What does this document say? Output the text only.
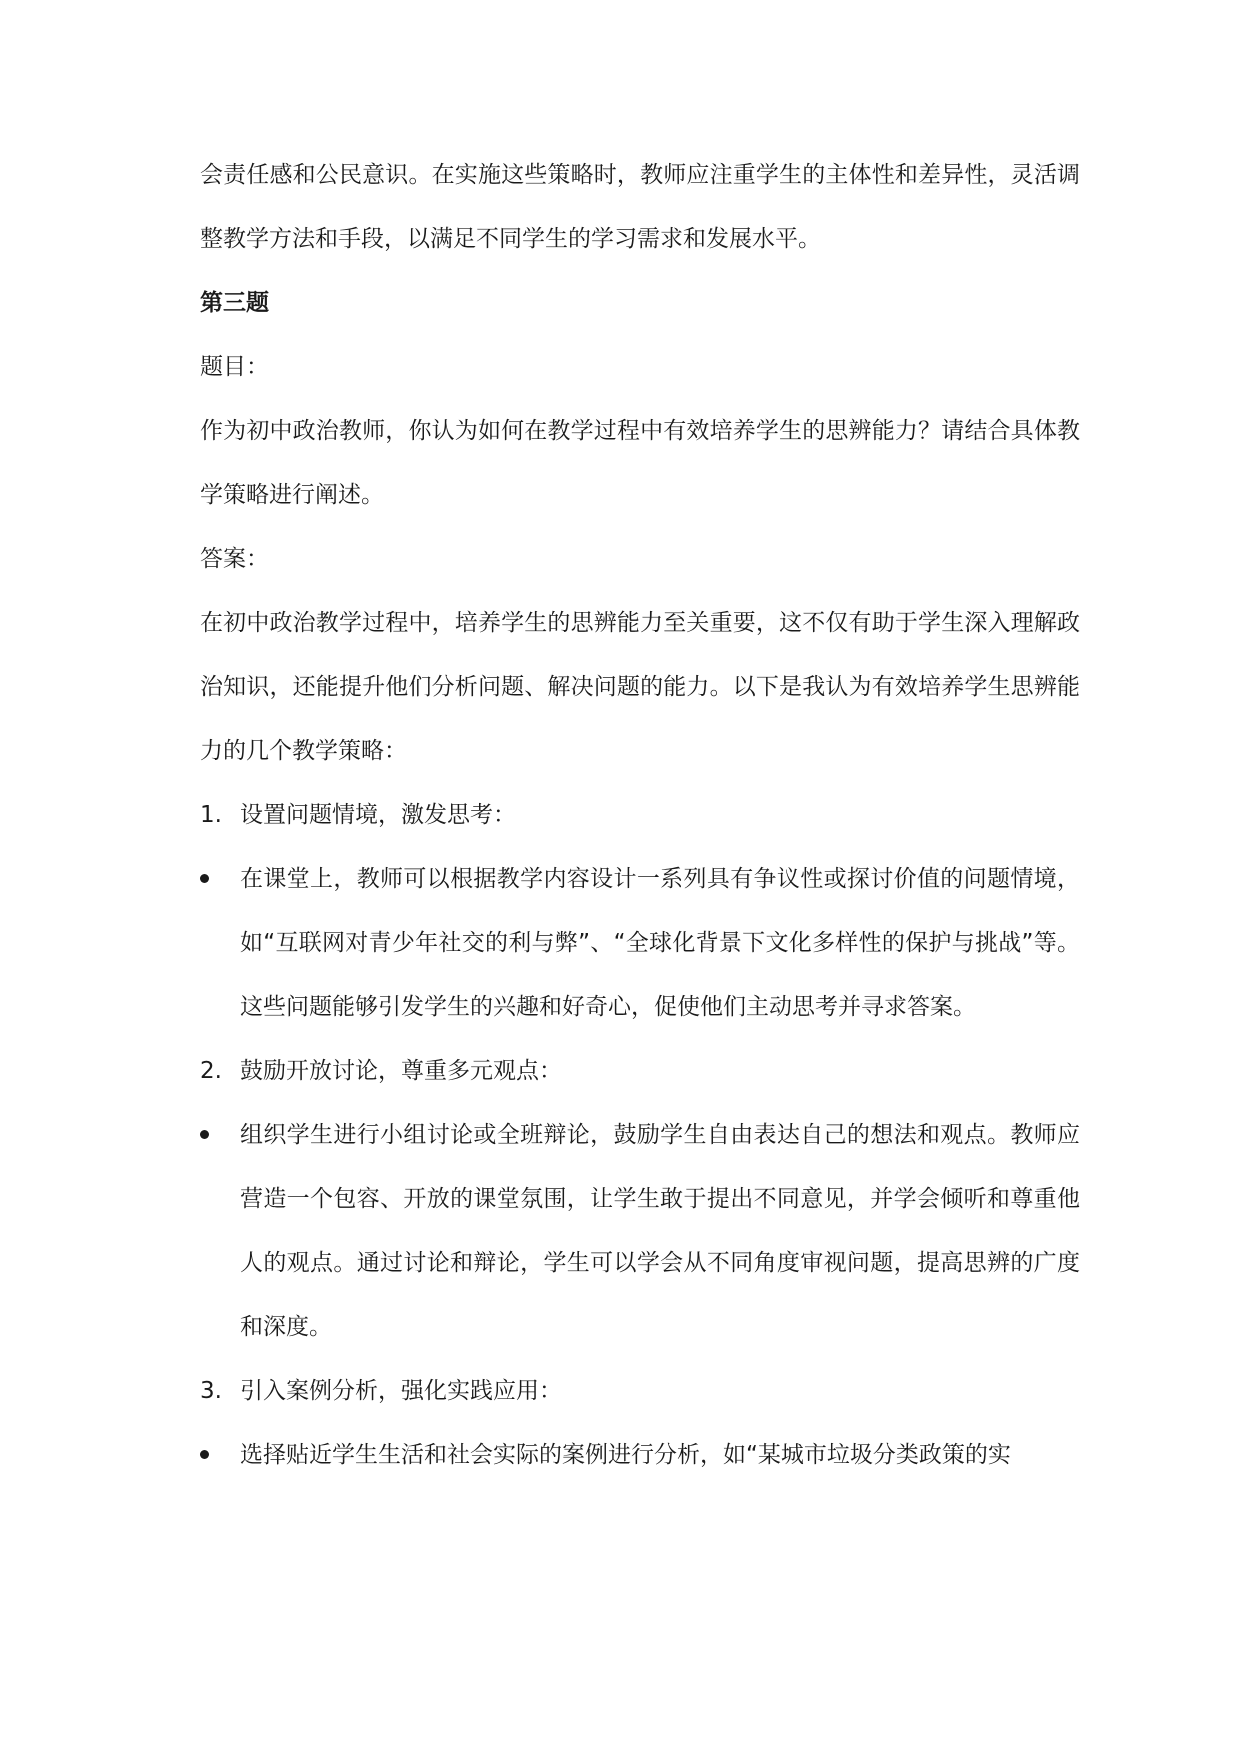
会责任感和公民意识。在实施这些策略时，教师应注重学生的主体性和差异性，灵活调整教学方法和手段，以满足不同学生的学习需求和发展水平。

第三题

题目：

作为初中政治教师，你认为如何在教学过程中有效培养学生的思辨能力？请结合具体教学策略进行阐述。

答案：

在初中政治教学过程中，培养学生的思辨能力至关重要，这不仅有助于学生深入理解政治知识，还能提升他们分析问题、解决问题的能力。以下是我认为有效培养学生思辨能力的几个教学策略：

1. 设置问题情境，激发思考：
在课堂上，教师可以根据教学内容设计一系列具有争议性或探讨价值的问题情境，如“互联网对青少年社交的利与弊”、“全球化背景下文化多样性的保护与挑战”等。这些问题能够引发学生的兴趣和好奇心，促使他们主动思考并寻求答案。
2. 鼓励开放讨论，尊重多元观点：
组织学生进行小组讨论或全班辩论，鼓励学生自由表达自己的想法和观点。教师应营造一个包容、开放的课堂氛围，让学生敢于提出不同意见，并学会倾听和尊重他人的观点。通过讨论和辩论，学生可以学会从不同角度审视问题，提高思辨的广度和深度。
3. 引入案例分析，强化实践应用：
选择贴近学生生活和社会实际的案例进行分析，如“某城市垃圾分类政策的实
